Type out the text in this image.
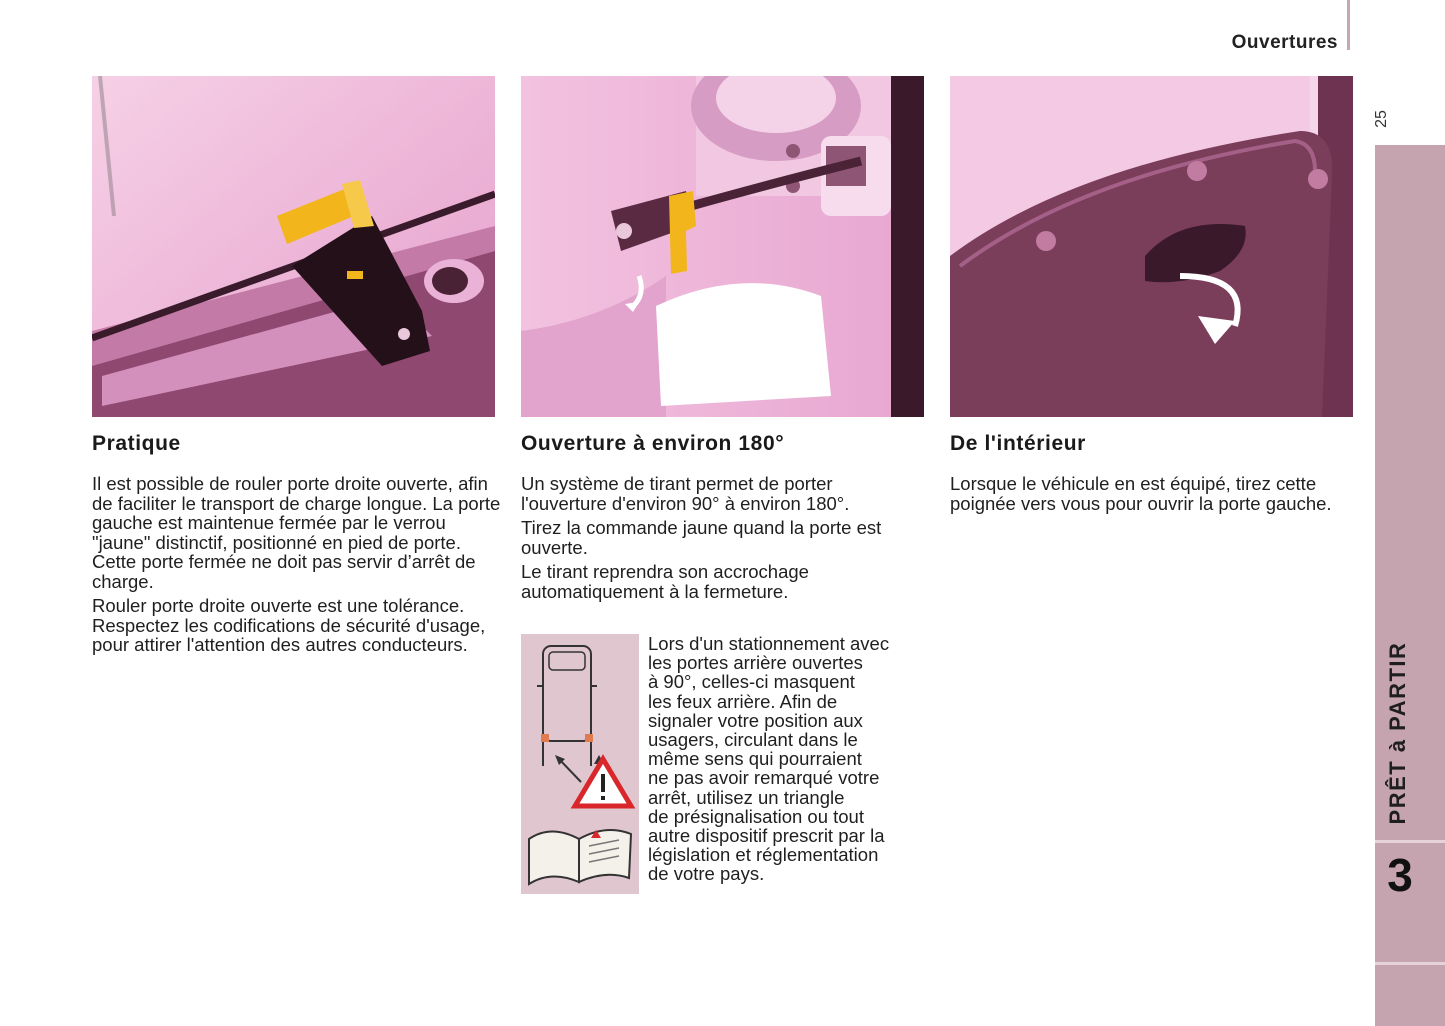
Ouvertures
25
PRÊT à PARTIR
3
Pratique

Il est possible de rouler porte droite ouverte, afin de faciliter le transport de charge longue. La porte gauche est maintenue fermée par le verrou "jaune" distinctif, positionné en pied de porte. Cette porte fermée ne doit pas servir d’arrêt de charge.

Rouler porte droite ouverte est une tolérance. Respectez les codifications de sécurité d'usage, pour attirer l'attention des autres conducteurs.

Ouverture à environ 180°

Un système de tirant permet de porter l'ouverture d'environ 90° à environ 180°.

Tirez la commande jaune quand la porte est ouverte.

Le tirant reprendra son accrochage automatiquement à la fermeture.

Lors d'un stationnement avec
les portes arrière ouvertes
à 90°, celles-ci masquent
les feux arrière. Afin de
signaler votre position aux
usagers, circulant dans le
même sens qui pourraient
ne pas avoir remarqué votre
arrêt, utilisez un triangle
de présignalisation ou tout
autre dispositif prescrit par la
législation et réglementation
de votre pays.
De l'intérieur

Lorsque le véhicule en est équipé, tirez cette poignée vers vous pour ouvrir la porte gauche.
